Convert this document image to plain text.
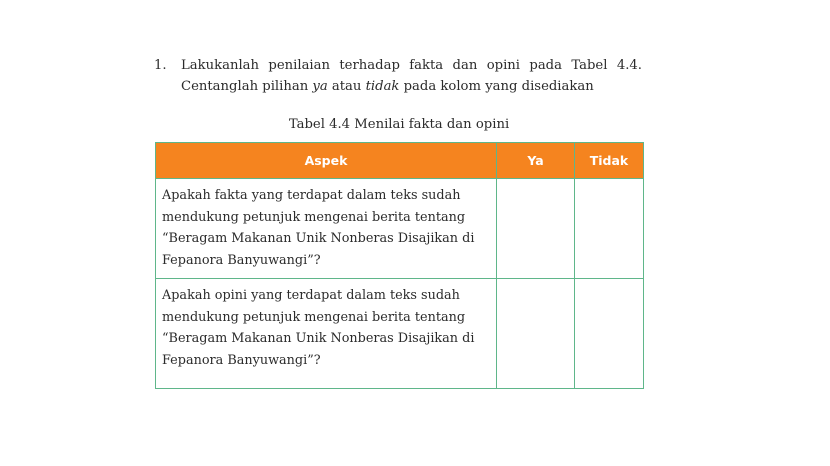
1. Lakukanlah penilaian terhadap fakta dan opini pada Tabel 4.4.
Centanglah pilihan ya atau tidak pada kolom yang disediakan
Tabel 4.4 Menilai fakta dan opini
Aspek	Ya	Tidak

Apakah fakta yang terdapat dalam teks sudah
mendukung petunjuk mengenai berita tentang
“Beragam Makanan Unik Nonberas Disajikan di
Fepanora Banyuwangi”?		

Apakah opini yang terdapat dalam teks sudah
mendukung petunjuk mengenai berita tentang
“Beragam Makanan Unik Nonberas Disajikan di
Fepanora Banyuwangi”?		
